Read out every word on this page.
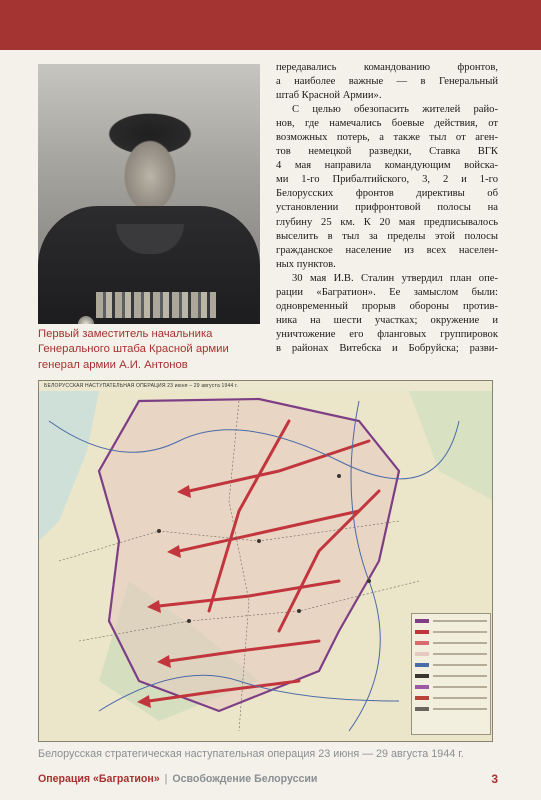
Первый заместитель начальника
Генерального штаба Красной армии
генерал армии А.И. Антонов
передавались командованию фронтов,
а наиболее важные — в Генеральный
штаб Красной Армии».
С целью обезопасить жителей райо-
нов, где намечались боевые действия, от
возможных потерь, а также тыл от аген-
тов немецкой разведки, Ставка ВГК
4 мая направила командующим войска-
ми 1-го Прибалтийского, 3, 2 и 1-го
Белорусских фронтов директивы об
установлении прифронтовой полосы на
глубину 25 км. К 20 мая предписывалось
выселить в тыл за пределы этой полосы
гражданское население из всех населен-
ных пунктов.
30 мая И.В. Сталин утвердил план опе-
рации «Багратион». Ее замыслом были:
одновременный прорыв обороны против-
ника на шести участках; окружение и
уничтожение его фланговых группировок
в районах Витебска и Бобруйска; разви-
БЕЛОРУССКАЯ НАСТУПАТЕЛЬНАЯ ОПЕРАЦИЯ 23 июня – 29 августа 1944 г.
Белорусская стратегическая наступательная операция 23 июня — 29 августа 1944 г.
Операция «Багратион» | Освобождение Белоруссии	3
